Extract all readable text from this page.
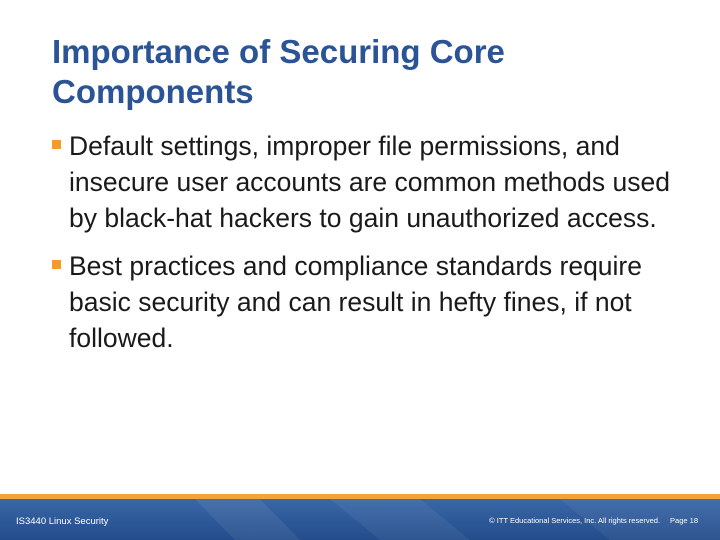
Importance of Securing Core Components
Default settings, improper file permissions, and insecure user accounts are common methods used by black-hat hackers to gain unauthorized access.
Best practices and compliance standards require basic security and can result in hefty fines, if not followed.
IS3440 Linux Security	© ITT Educational Services, Inc. All rights reserved. Page 18
